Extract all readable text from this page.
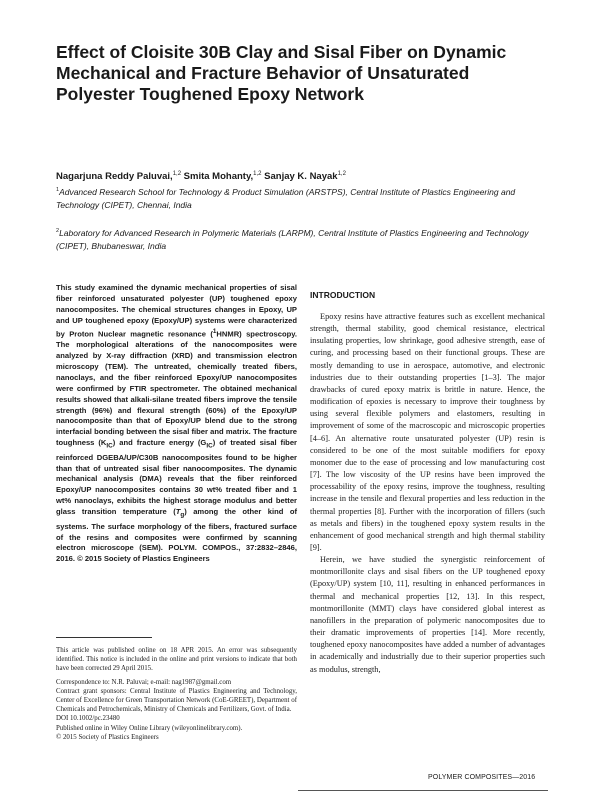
Effect of Cloisite 30B Clay and Sisal Fiber on Dynamic Mechanical and Fracture Behavior of Unsaturated Polyester Toughened Epoxy Network
Nagarjuna Reddy Paluvai,$^{1,2}$ Smita Mohanty,$^{1,2}$ Sanjay K. Nayak$^{1,2}$
$^1$Advanced Research School for Technology & Product Simulation (ARSTPS), Central Institute of Plastics Engineering and Technology (CIPET), Chennai, India
$^2$Laboratory for Advanced Research in Polymeric Materials (LARPM), Central Institute of Plastics Engineering and Technology (CIPET), Bhubaneswar, India

This study examined the dynamic mechanical properties of sisal fiber reinforced unsaturated polyester (UP) toughened epoxy nanocomposites. The chemical structures changes in Epoxy, UP and UP toughened epoxy (Epoxy/UP) systems were characterized by Proton Nuclear magnetic resonance ($^1$HNMR) spectroscopy. The morphological alterations of the nanocomposites were analyzed by X-ray diffraction (XRD) and transmission electron microscopy (TEM). The untreated, chemically treated fibers, nanoclays, and the fiber reinforced Epoxy/UP nanocomposites were confirmed by FTIR spectrometer. The obtained mechanical results showed that alkali-silane treated fibers improve the tensile strength (96%) and flexural strength (60%) of the Epoxy/UP nanocomposite than that of Epoxy/UP blend due to the strong interfacial bonding between the sisal fiber and matrix. The fracture toughness $(K_{IC})$ and fracture energy $(G_{IC})$ of treated sisal fiber reinforced DGEBA/UP/C30B nanocomposites found to be higher than that of untreated sisal fiber nanocomposites. The dynamic mechanical analysis (DMA) reveals that the fiber reinforced Epoxy/UP nanocomposites contains 30 wt% treated fiber and 1 wt% nanoclays, exhibits the highest storage modulus and better glass transition temperature $(T_g)$ among the other kind of systems. The surface morphology of the fibers, fractured surface of the resins and composites were confirmed by scanning electron microscope (SEM). POLYM. COMPOS., 37:2832–2846, 2016. © 2015 Society of Plastics Engineers

This article was published online on 18 APR 2015. An error was subsequently identified. This notice is included in the online and print versions to indicate that both have been corrected 29 April 2015.

Correspondence to: N.R. Paluvai; e-mail: nag1987@gmail.com

Contract grant sponsors: Central Institute of Plastics Engineering and Technology, Center of Excellence for Green Transportation Network (CoE-GREET), Department of Chemicals and Petrochemicals, Ministry of Chemicals and Fertilizers, Govt. of India.

DOI 10.1002/pc.23480

Published online in Wiley Online Library (wileyonlinelibrary.com).

© 2015 Society of Plastics Engineers

INTRODUCTION

Epoxy resins have attractive features such as excellent mechanical strength, thermal stability, good chemical resistance, electrical insulating properties, low shrinkage, good adhesive strength, ease of curing, and processing based on their functional groups. These are mostly demanding to use in aerospace, automotive, and electronic industries due to their outstanding properties [1–3]. The major drawbacks of cured epoxy matrix is brittle in nature. Hence, the modification of epoxies is necessary to improve their toughness by using several flexible polymers and elastomers, resulting in improvement of some of the macroscopic and microscopic properties [4–6]. An alternative route unsaturated polyester (UP) resin is considered to be one of the most suitable modifiers for epoxy monomer due to the ease of processing and low manufacturing cost [7]. The low viscosity of the UP resins have been improved the processability of the epoxy resins, improve the toughness, resulting increase in the tensile and flexural properties and less reduction in the thermal properties [8]. Further with the incorporation of fillers (such as metals and fibers) in the toughened epoxy system results in the enhancement of good mechanical strength and high thermal stability [9].

Herein, we have studied the synergistic reinforcement of montmorillonite clays and sisal fibers on the UP toughened epoxy (Epoxy/UP) system [10, 11], resulting in enhanced performances in thermal and mechanical properties [12, 13]. In this respect, montmorillonite (MMT) clays have considered global interest as nanofillers in the preparation of polymeric nanocomposites due to their dramatic improvements of properties [14]. More recently, toughened epoxy nanocomposites have added a number of advantages in academically and industrially due to their superior properties such as modulus, strength,

POLYMER COMPOSITES—2016
